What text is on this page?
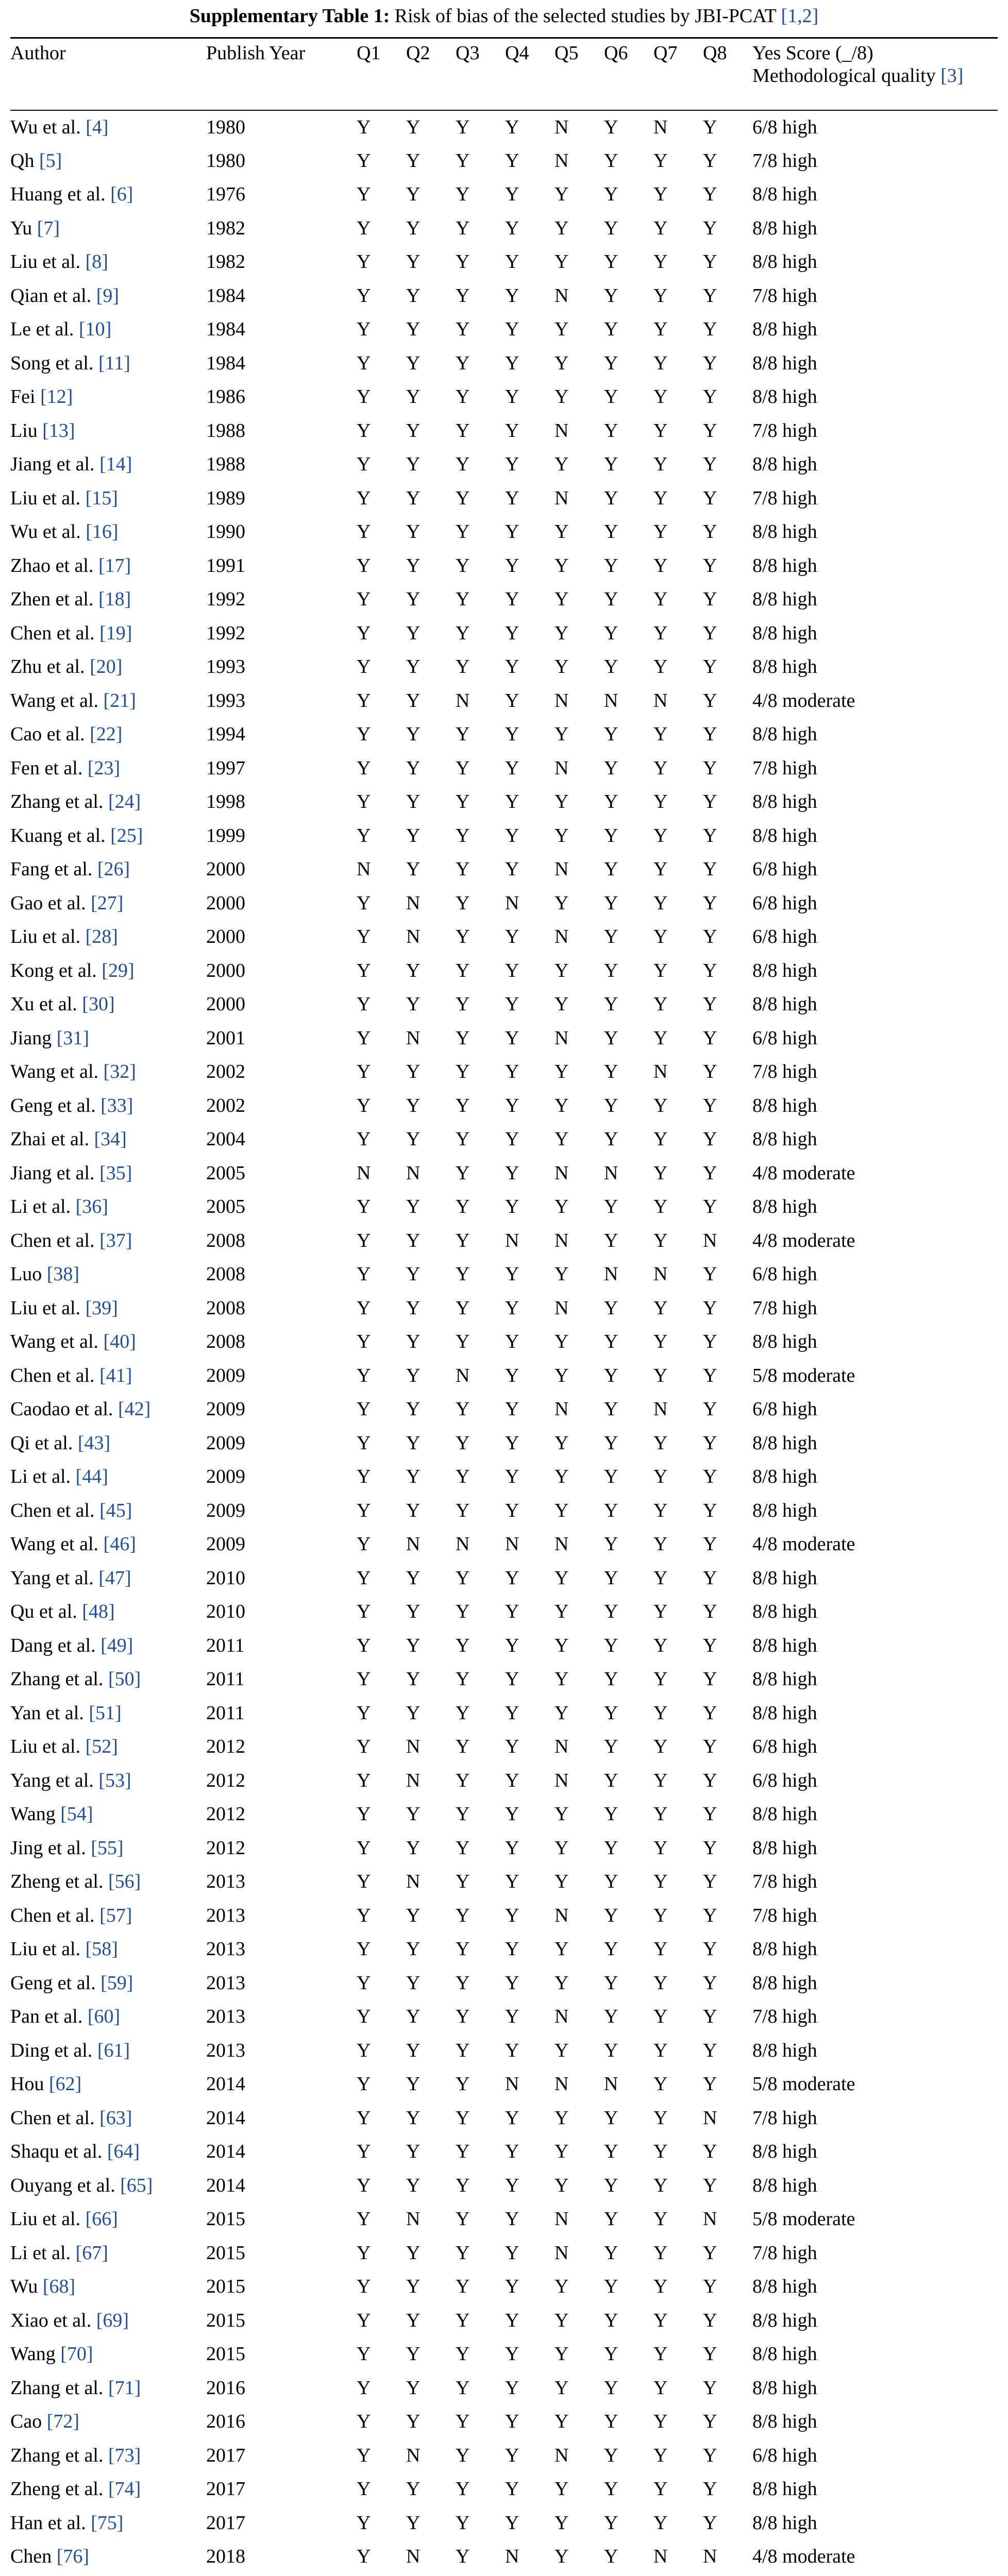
Supplementary Table 1: Risk of bias of the selected studies by JBI-PCAT [1,2]
Author	Publish Year	Q1	Q2	Q3	Q4	Q5	Q6	Q7	Q8	Yes Score (_/8)
Methodological quality [3]
Wu et al. [4]	1980	Y	Y	Y	Y	N	Y	N	Y	6/8 high
Qh [5]	1980	Y	Y	Y	Y	N	Y	Y	Y	7/8 high
Huang et al. [6]	1976	Y	Y	Y	Y	Y	Y	Y	Y	8/8 high
Yu [7]	1982	Y	Y	Y	Y	Y	Y	Y	Y	8/8 high
Liu et al. [8]	1982	Y	Y	Y	Y	Y	Y	Y	Y	8/8 high
Qian et al. [9]	1984	Y	Y	Y	Y	N	Y	Y	Y	7/8 high
Le et al. [10]	1984	Y	Y	Y	Y	Y	Y	Y	Y	8/8 high
Song et al. [11]	1984	Y	Y	Y	Y	Y	Y	Y	Y	8/8 high
Fei [12]	1986	Y	Y	Y	Y	Y	Y	Y	Y	8/8 high
Liu [13]	1988	Y	Y	Y	Y	N	Y	Y	Y	7/8 high
Jiang et al. [14]	1988	Y	Y	Y	Y	Y	Y	Y	Y	8/8 high
Liu et al. [15]	1989	Y	Y	Y	Y	N	Y	Y	Y	7/8 high
Wu et al. [16]	1990	Y	Y	Y	Y	Y	Y	Y	Y	8/8 high
Zhao et al. [17]	1991	Y	Y	Y	Y	Y	Y	Y	Y	8/8 high
Zhen et al. [18]	1992	Y	Y	Y	Y	Y	Y	Y	Y	8/8 high
Chen et al. [19]	1992	Y	Y	Y	Y	Y	Y	Y	Y	8/8 high
Zhu et al. [20]	1993	Y	Y	Y	Y	Y	Y	Y	Y	8/8 high
Wang et al. [21]	1993	Y	Y	N	Y	N	N	N	Y	4/8 moderate
Cao et al. [22]	1994	Y	Y	Y	Y	Y	Y	Y	Y	8/8 high
Fen et al. [23]	1997	Y	Y	Y	Y	N	Y	Y	Y	7/8 high
Zhang et al. [24]	1998	Y	Y	Y	Y	Y	Y	Y	Y	8/8 high
Kuang et al. [25]	1999	Y	Y	Y	Y	Y	Y	Y	Y	8/8 high
Fang et al. [26]	2000	N	Y	Y	Y	N	Y	Y	Y	6/8 high
Gao et al. [27]	2000	Y	N	Y	N	Y	Y	Y	Y	6/8 high
Liu et al. [28]	2000	Y	N	Y	Y	N	Y	Y	Y	6/8 high
Kong et al. [29]	2000	Y	Y	Y	Y	Y	Y	Y	Y	8/8 high
Xu et al. [30]	2000	Y	Y	Y	Y	Y	Y	Y	Y	8/8 high
Jiang [31]	2001	Y	N	Y	Y	N	Y	Y	Y	6/8 high
Wang et al. [32]	2002	Y	Y	Y	Y	Y	Y	N	Y	7/8 high
Geng et al. [33]	2002	Y	Y	Y	Y	Y	Y	Y	Y	8/8 high
Zhai et al. [34]	2004	Y	Y	Y	Y	Y	Y	Y	Y	8/8 high
Jiang et al. [35]	2005	N	N	Y	Y	N	N	Y	Y	4/8 moderate
Li et al. [36]	2005	Y	Y	Y	Y	Y	Y	Y	Y	8/8 high
Chen et al. [37]	2008	Y	Y	Y	N	N	Y	Y	N	4/8 moderate
Luo [38]	2008	Y	Y	Y	Y	Y	N	N	Y	6/8 high
Liu et al. [39]	2008	Y	Y	Y	Y	N	Y	Y	Y	7/8 high
Wang et al. [40]	2008	Y	Y	Y	Y	Y	Y	Y	Y	8/8 high
Chen et al. [41]	2009	Y	Y	N	Y	Y	Y	Y	Y	5/8 moderate
Caodao et al. [42]	2009	Y	Y	Y	Y	N	Y	N	Y	6/8 high
Qi et al. [43]	2009	Y	Y	Y	Y	Y	Y	Y	Y	8/8 high
Li et al. [44]	2009	Y	Y	Y	Y	Y	Y	Y	Y	8/8 high
Chen et al. [45]	2009	Y	Y	Y	Y	Y	Y	Y	Y	8/8 high
Wang et al. [46]	2009	Y	N	N	N	N	Y	Y	Y	4/8 moderate
Yang et al. [47]	2010	Y	Y	Y	Y	Y	Y	Y	Y	8/8 high
Qu et al. [48]	2010	Y	Y	Y	Y	Y	Y	Y	Y	8/8 high
Dang et al. [49]	2011	Y	Y	Y	Y	Y	Y	Y	Y	8/8 high
Zhang et al. [50]	2011	Y	Y	Y	Y	Y	Y	Y	Y	8/8 high
Yan et al. [51]	2011	Y	Y	Y	Y	Y	Y	Y	Y	8/8 high
Liu et al. [52]	2012	Y	N	Y	Y	N	Y	Y	Y	6/8 high
Yang et al. [53]	2012	Y	N	Y	Y	N	Y	Y	Y	6/8 high
Wang [54]	2012	Y	Y	Y	Y	Y	Y	Y	Y	8/8 high
Jing et al. [55]	2012	Y	Y	Y	Y	Y	Y	Y	Y	8/8 high
Zheng et al. [56]	2013	Y	N	Y	Y	Y	Y	Y	Y	7/8 high
Chen et al. [57]	2013	Y	Y	Y	Y	N	Y	Y	Y	7/8 high
Liu et al. [58]	2013	Y	Y	Y	Y	Y	Y	Y	Y	8/8 high
Geng et al. [59]	2013	Y	Y	Y	Y	Y	Y	Y	Y	8/8 high
Pan et al. [60]	2013	Y	Y	Y	Y	N	Y	Y	Y	7/8 high
Ding et al. [61]	2013	Y	Y	Y	Y	Y	Y	Y	Y	8/8 high
Hou [62]	2014	Y	Y	Y	N	N	N	Y	Y	5/8 moderate
Chen et al. [63]	2014	Y	Y	Y	Y	Y	Y	Y	N	7/8 high
Shaqu et al. [64]	2014	Y	Y	Y	Y	Y	Y	Y	Y	8/8 high
Ouyang et al. [65]	2014	Y	Y	Y	Y	Y	Y	Y	Y	8/8 high
Liu et al. [66]	2015	Y	N	Y	Y	N	Y	Y	N	5/8 moderate
Li et al. [67]	2015	Y	Y	Y	Y	N	Y	Y	Y	7/8 high
Wu [68]	2015	Y	Y	Y	Y	Y	Y	Y	Y	8/8 high
Xiao et al. [69]	2015	Y	Y	Y	Y	Y	Y	Y	Y	8/8 high
Wang [70]	2015	Y	Y	Y	Y	Y	Y	Y	Y	8/8 high
Zhang et al. [71]	2016	Y	Y	Y	Y	Y	Y	Y	Y	8/8 high
Cao [72]	2016	Y	Y	Y	Y	Y	Y	Y	Y	8/8 high
Zhang et al. [73]	2017	Y	N	Y	Y	N	Y	Y	Y	6/8 high
Zheng et al. [74]	2017	Y	Y	Y	Y	Y	Y	Y	Y	8/8 high
Han et al. [75]	2017	Y	Y	Y	Y	Y	Y	Y	Y	8/8 high
Chen [76]	2018	Y	N	Y	N	Y	Y	N	N	4/8 moderate
